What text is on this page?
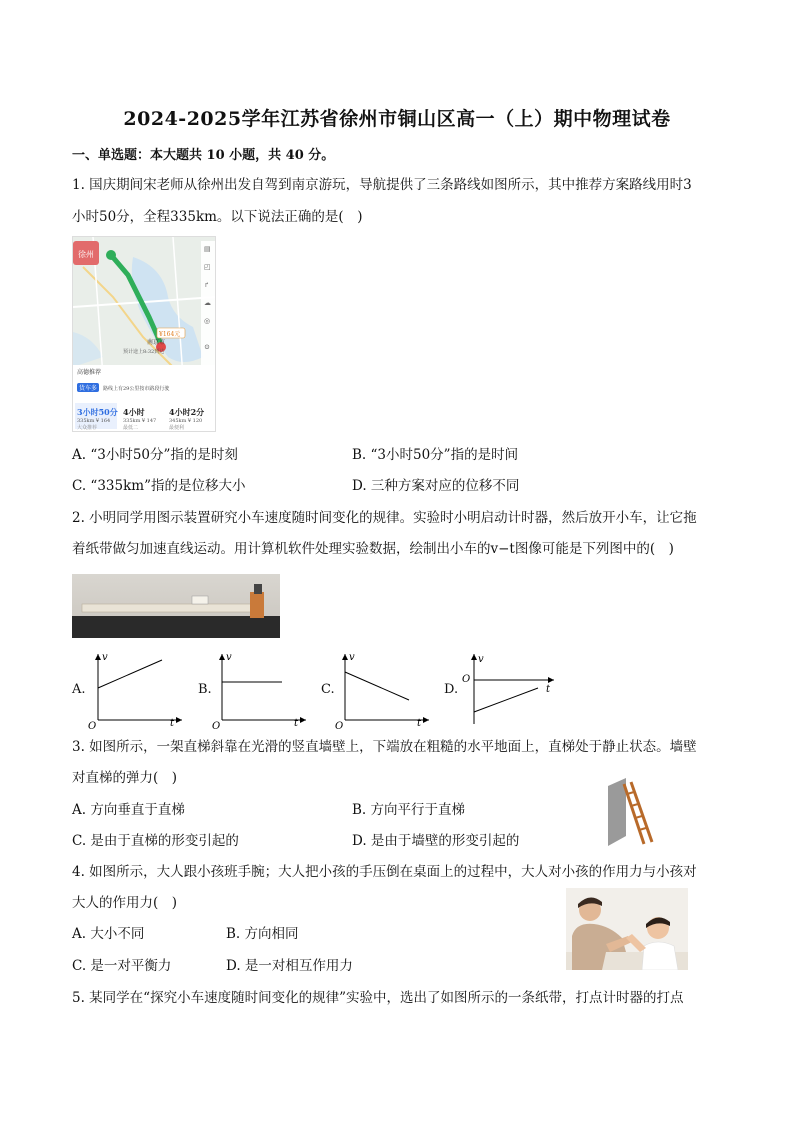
2024-2025学年江苏省徐州市铜山区高一（上）期中物理试卷
一、单选题：本大题共 10 小题，共 40 分。
1. 国庆期间宋老师从徐州出发自驾到南京游玩，导航提供了三条路线如图所示，其中推荐方案路线用时3
小时50分，全程335km。以下说法正确的是(　)
徐州
南京市
¥164元
预计途上8:32到达
▤
◰
↱
☁
◎
⊙
高德推荐
货车多 路线上有29公里按市路段行驶
3小时50分
335km ¥ 164
大众推荐
4小时
335km ¥ 147
最低二
4小时2分
345km ¥ 120
最便利
A. “3小时50分”指的是时刻	B. “3小时50分”指的是时间
C. “335km”指的是位移大小	D. 三种方案对应的位移不同
2. 小明同学用图示装置研究小车速度随时间变化的规律。实验时小明启动计时器，然后放开小车，让它拖
着纸带做匀加速直线运动。用计算机软件处理实验数据，绘制出小车的v−t图像可能是下列图中的(　)
A.
v
t
O
B.
v
t
O
C.
v
t
O
D.
v
t
O
3. 如图所示，一架直梯斜靠在光滑的竖直墙壁上，下端放在粗糙的水平地面上，直梯处于静止状态。墙壁
对直梯的弹力(　)
A. 方向垂直于直梯	B. 方向平行于直梯
C. 是由于直梯的形变引起的	D. 是由于墙壁的形变引起的
4. 如图所示，大人跟小孩班手腕；大人把小孩的手压倒在桌面上的过程中，大人对小孩的作用力与小孩对
大人的作用力(　)
A. 大小不同	B. 方向相同
C. 是一对平衡力	D. 是一对相互作用力
5. 某同学在“探究小车速度随时间变化的规律”实验中，选出了如图所示的一条纸带，打点计时器的打点
